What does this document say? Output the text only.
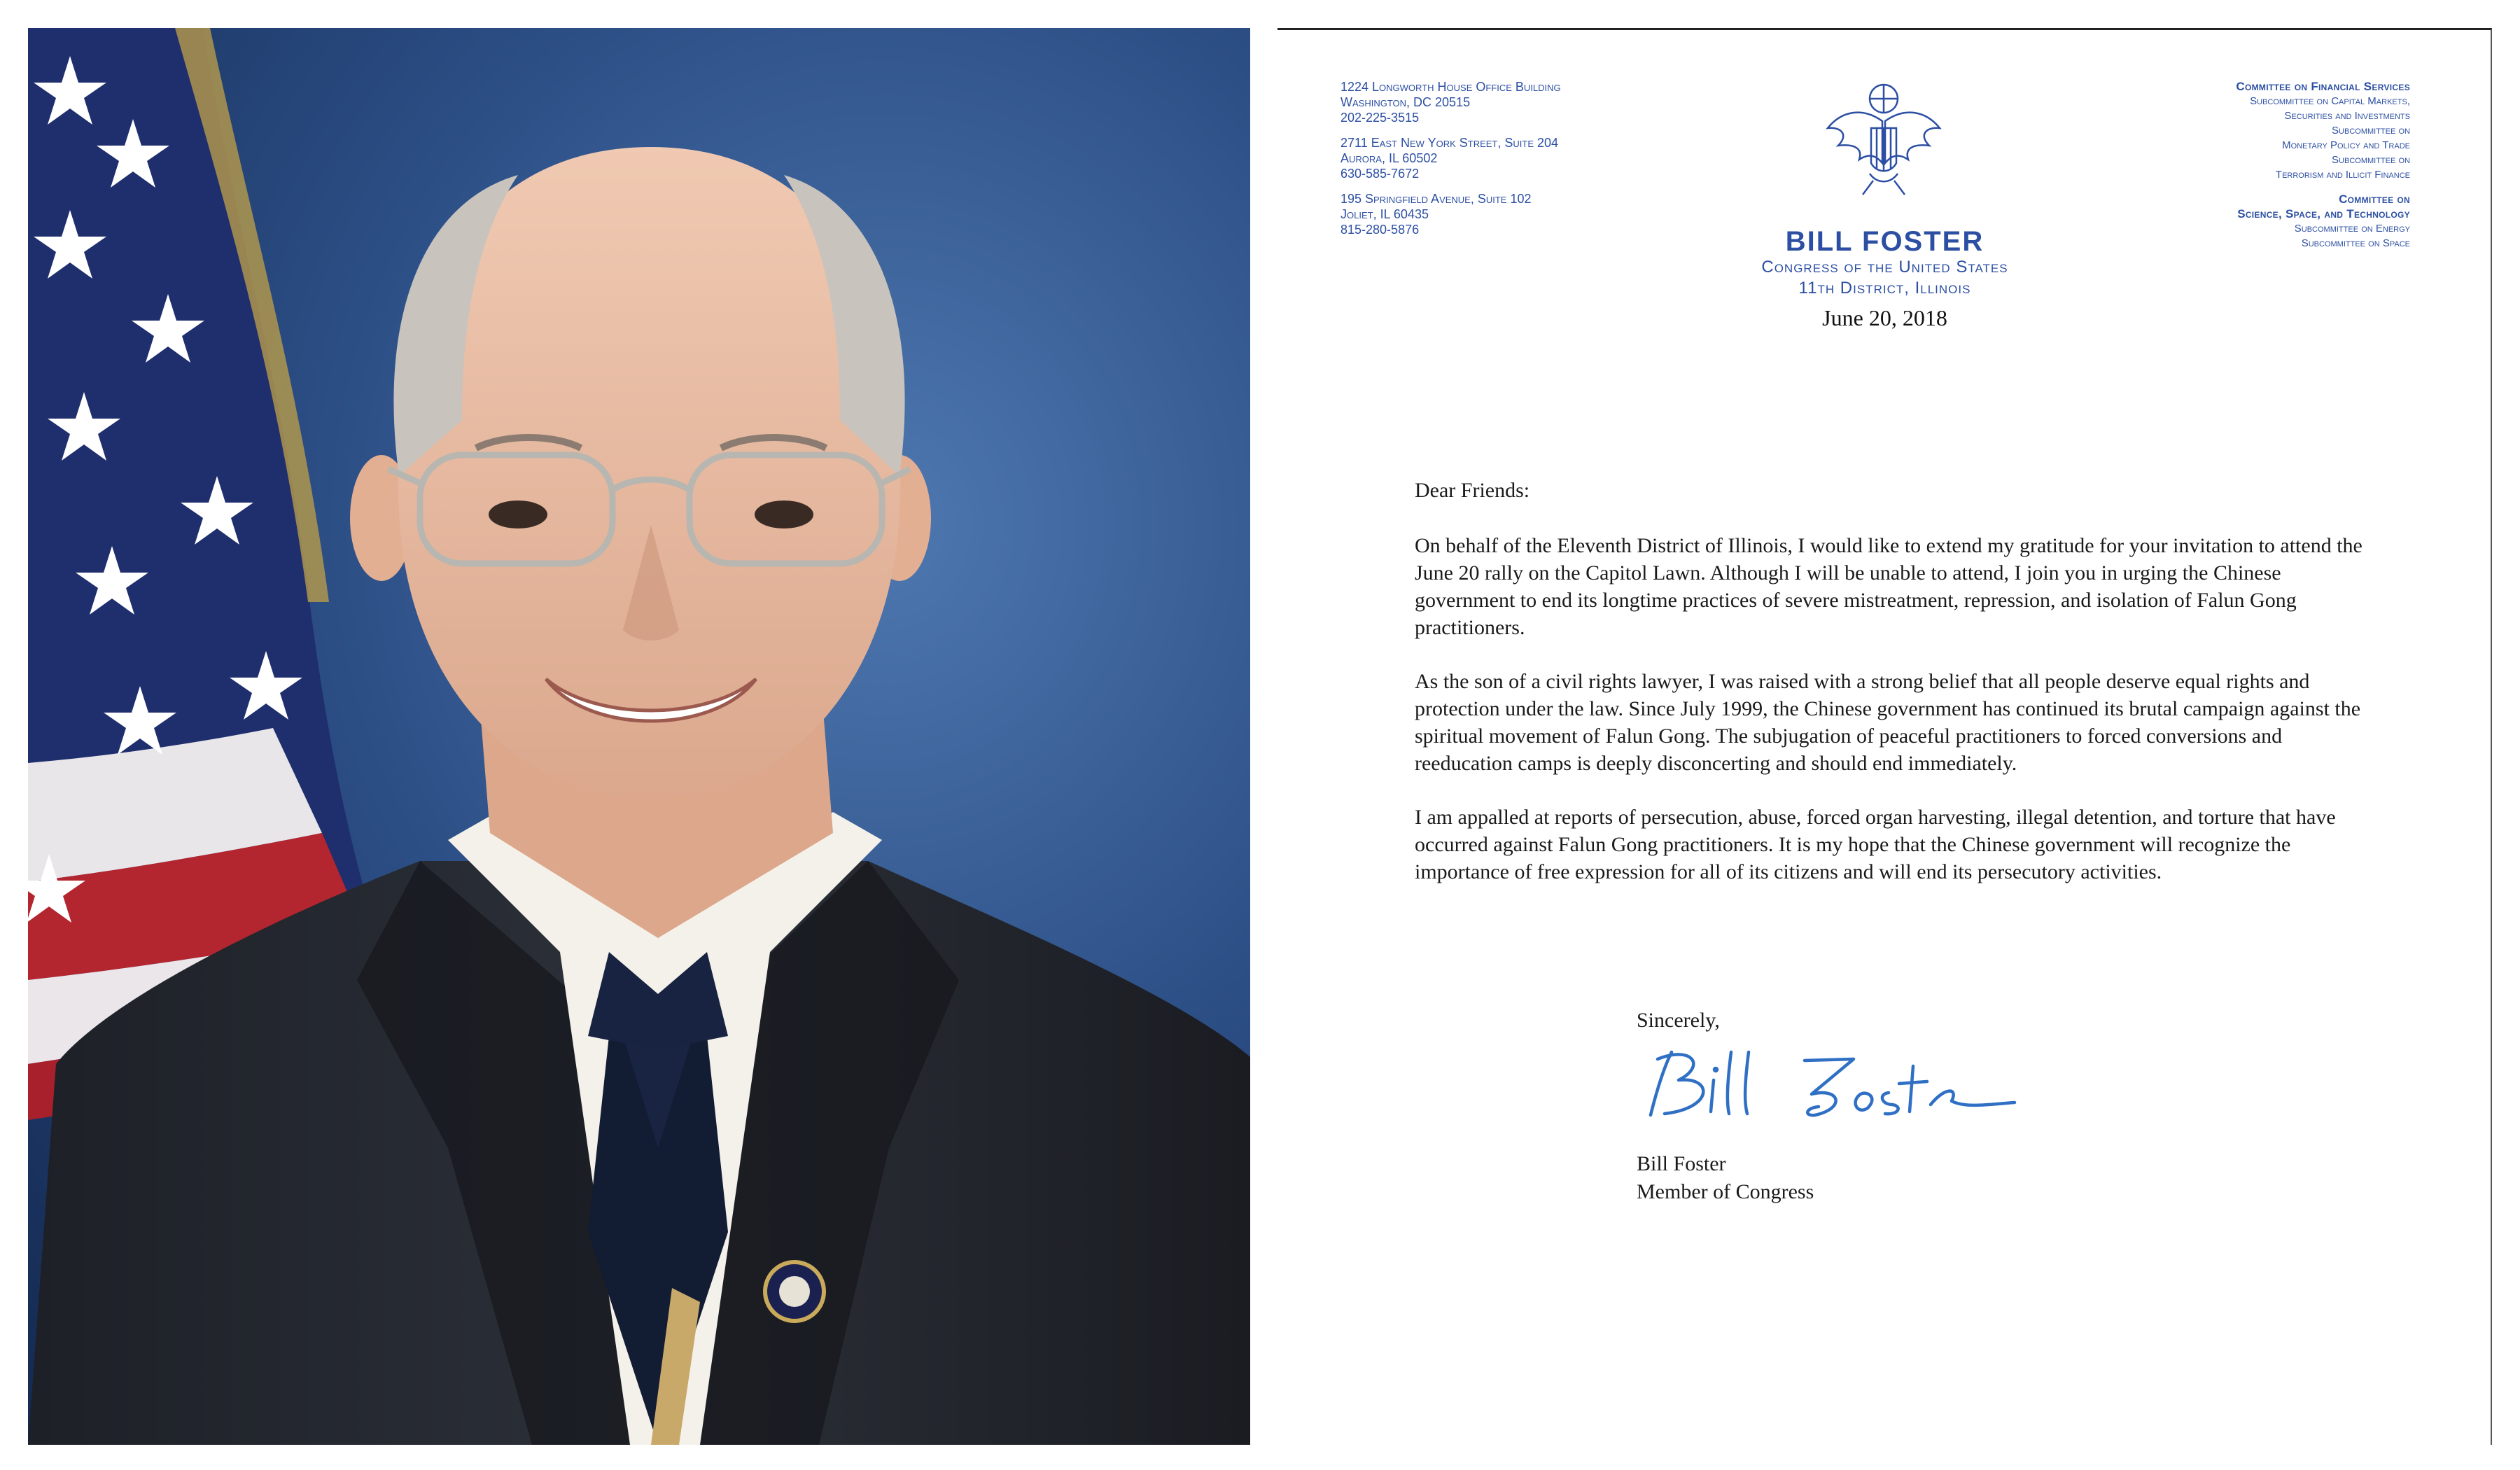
1224 Longworth House Office Building
Washington, DC 20515
202-225-3515
2711 East New York Street, Suite 204
Aurora, IL 60502
630-585-7672
195 Springfield Avenue, Suite 102
Joliet, IL 60435
815-280-5876
Committee on Financial Services
Subcommittee on Capital Markets,
Securities and Investments
Subcommittee on
Monetary Policy and Trade
Subcommittee on
Terrorism and Illicit Finance
Committee on
Science, Space, and Technology
Subcommittee on Energy
Subcommittee on Space
BILL FOSTER
Congress of the United States
11th District, Illinois
June 20, 2018

Dear Friends:

On behalf of the Eleventh District of Illinois, I would like to extend my gratitude for your invitation to attend the June 20 rally on the Capitol Lawn. Although I will be unable to attend, I join you in urging the Chinese government to end its longtime practices of severe mistreatment, repression, and isolation of Falun Gong practitioners.

As the son of a civil rights lawyer, I was raised with a strong belief that all people deserve equal rights and protection under the law. Since July 1999, the Chinese government has continued its brutal campaign against the spiritual movement of Falun Gong. The subjugation of peaceful practitioners to forced conversions and reeducation camps is deeply disconcerting and should end immediately.

I am appalled at reports of persecution, abuse, forced organ harvesting, illegal detention, and torture that have occurred against Falun Gong practitioners. It is my hope that the Chinese government will recognize the importance of free expression for all of its citizens and will end its persecutory activities.

Sincerely,
Bill Foster
Member of Congress
